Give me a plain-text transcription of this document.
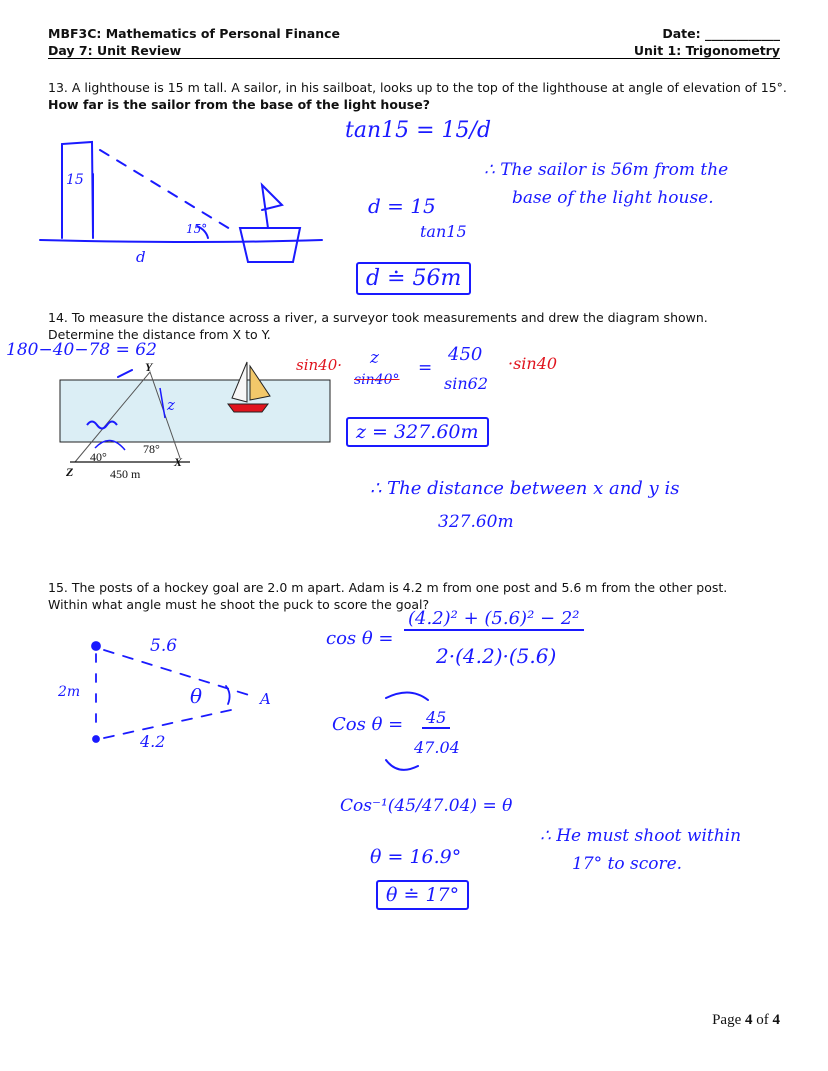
MBF3C: Mathematics of Personal Finance
Day 7: Unit Review
Date: ____________
Unit 1: Trigonometry
13. A lighthouse is 15 m tall. A sailor, in his sailboat, looks up to the top of the lighthouse at angle of elevation of 15°. How far is the sailor from the base of the light house?
15
d
15°
tan15 = 15/d
d = 15
tan15
d ≐ 56m
∴ The sailor is 56m from the
base of the light house.
14. To measure the distance across a river, a surveyor took measurements and drew the diagram shown.
Determine the distance from X to Y.
180−40−78 = 62
Y
X
Z
z
40°
78°
450 m
sin40· z
sin40°
=
450
sin62
·sin40
z = 327.60m
∴ The distance between x and y is
327.60m
15. The posts of a hockey goal are 2.0 m apart. Adam is 4.2 m from one post and 5.6 m from the other post.
Within what angle must he shoot the puck to score the goal?
5.6
4.2
2m	θ	A
cos θ =
(4.2)² + (5.6)² − 2²
2·(4.2)·(5.6)
Cos θ = 45
47.04
Cos⁻¹(45/47.04) = θ
θ = 16.9°
θ ≐ 17°
∴ He must shoot within
17° to score.
Page 4 of 4
